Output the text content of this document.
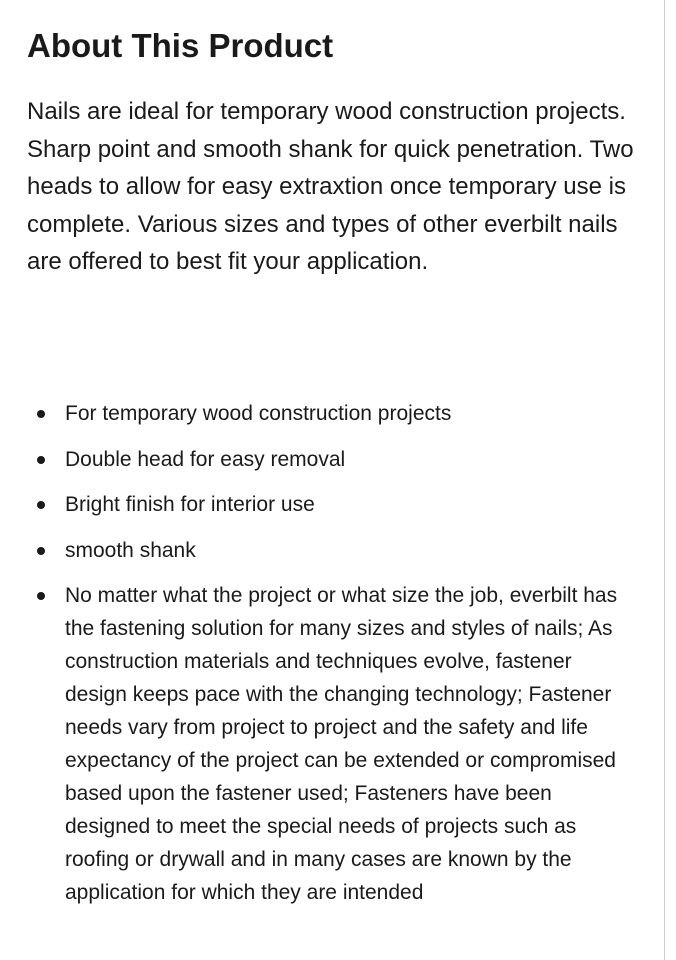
About This Product

Nails are ideal for temporary wood construction projects. Sharp point and smooth shank for quick penetration. Two heads to allow for easy extraxtion once temporary use is complete. Various sizes and types of other everbilt nails are offered to best fit your application.

For temporary wood construction projects
Double head for easy removal
Bright finish for interior use
smooth shank
No matter what the project or what size the job, everbilt has the fastening solution for many sizes and styles of nails; As construction materials and techniques evolve, fastener design keeps pace with the changing technology; Fastener needs vary from project to project and the safety and life expectancy of the project can be extended or compromised based upon the fastener used; Fasteners have been designed to meet the special needs of projects such as roofing or drywall and in many cases are known by the application for which they are intended
